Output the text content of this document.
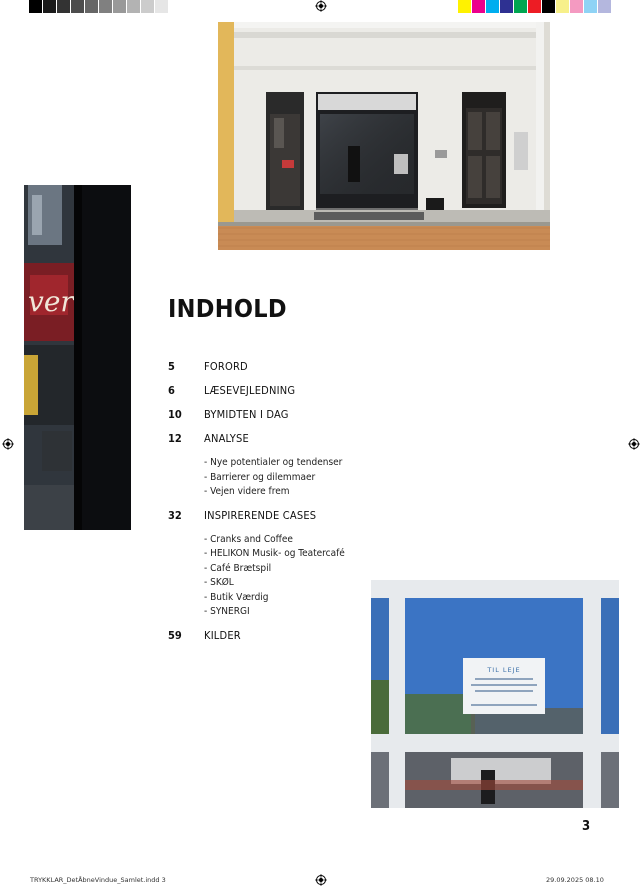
ver
TIL LEJE
INDHOLD
5	FORORD
6	LÆSEVEJLEDNING
10 BYMIDTEN I DAG
12 ANALYSE
- Nye potentialer og tendenser
- Barrierer og dilemmaer
- Vejen videre frem
32 INSPIRERENDE CASES
- Cranks and Coffee
- HELIKON Musik- og Teatercafé
- Café Brætspil
- SKØL
- Butik Værdig
- SYNERGI
59 KILDER
3
TRYKKLAR_DetÅbneVindue_Samlet.indd 3	29.09.2025 08.10
